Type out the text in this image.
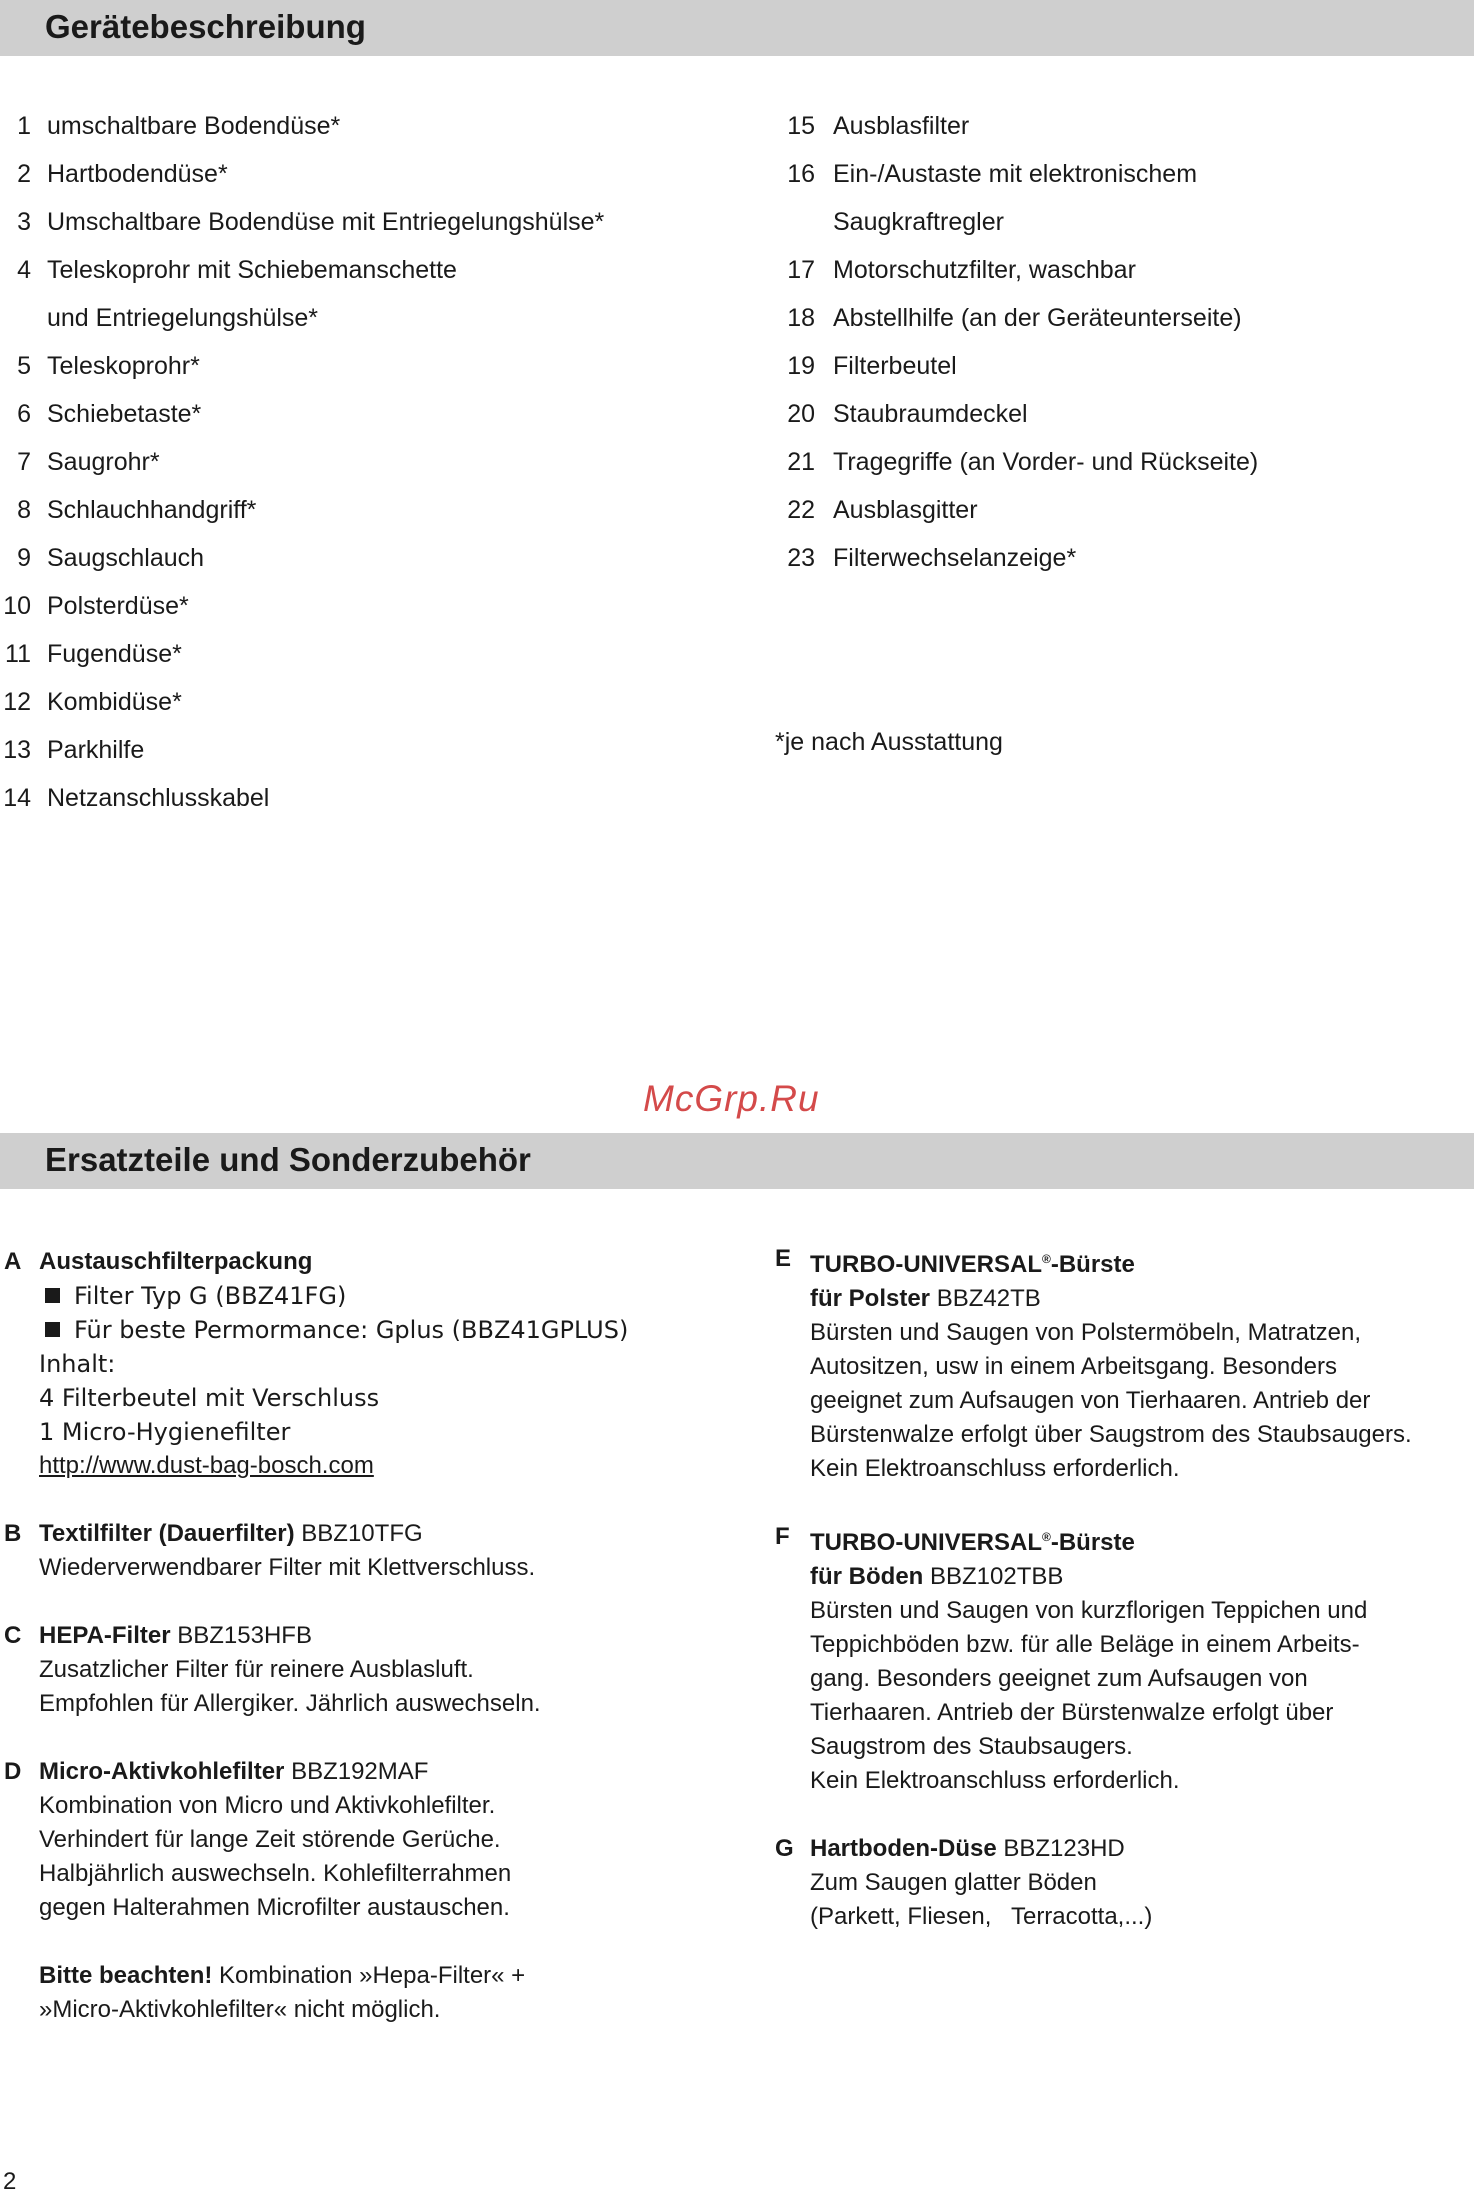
Gerätebeschreibung
1 umschaltbare Bodendüse*
2 Hartbodendüse*
3 Umschaltbare Bodendüse mit Entriegelungshülse*
4 Teleskoprohr mit Schiebemanschette
und Entriegelungshülse*
5 Teleskoprohr*
6 Schiebetaste*
7 Saugrohr*
8 Schlauchhandgriff*
9 Saugschlauch
10 Polsterdüse*
11 Fugendüse*
12 Kombidüse*
13 Parkhilfe
14 Netzanschlusskabel
15 Ausblasfilter
16 Ein-/Austaste mit elektronischem
Saugkraftregler
17 Motorschutzfilter, waschbar
18 Abstellhilfe (an der Geräteunterseite)
19 Filterbeutel
20 Staubraumdeckel
21 Tragegriffe (an Vorder- und Rückseite)
22 Ausblasgitter
23 Filterwechselanzeige*
*je nach Ausstattung
McGrp.Ru
Ersatzteile und Sonderzubehör
A Austauschfilterpackung
Filter Typ G (BBZ41FG)
Für beste Permormance: Gplus (BBZ41GPLUS)
Inhalt:
4 Filterbeutel mit Verschluss
1 Micro-Hygienefilter
http://www.dust-bag-bosch.com
B Textilfilter (Dauerfilter) BBZ10TFG
Wiederverwendbarer Filter mit Klettverschluss.
C HEPA-Filter BBZ153HFB
Zusatzlicher Filter für reinere Ausblasluft.
Empfohlen für Allergiker. Jährlich auswechseln.
D Micro-Aktivkohlefilter BBZ192MAF
Kombination von Micro und Aktivkohlefilter.
Verhindert für lange Zeit störende Gerüche.
Halbjährlich auswechseln. Kohlefilterrahmen
gegen Halterahmen Microfilter austauschen.
Bitte beachten! Kombination »Hepa-Filter« +
»Micro-Aktivkohlefilter« nicht möglich.
E TURBO-UNIVERSAL®-Bürste
für Polster BBZ42TB
Bürsten und Saugen von Polstermöbeln, Matratzen,
Autositzen, usw in einem Arbeitsgang. Besonders
geeignet zum Aufsaugen von Tierhaaren. Antrieb der
Bürstenwalze erfolgt über Saugstrom des Staubsaugers.
Kein Elektroanschluss erforderlich.
F TURBO-UNIVERSAL®-Bürste
für Böden BBZ102TBB
Bürsten und Saugen von kurzflorigen Teppichen und
Teppichböden bzw. für alle Beläge in einem Arbeits-
gang. Besonders geeignet zum Aufsaugen von
Tierhaaren. Antrieb der Bürstenwalze erfolgt über
Saugstrom des Staubsaugers.
Kein Elektroanschluss erforderlich.
G Hartboden-Düse BBZ123HD
Zum Saugen glatter Böden
(Parkett, Fliesen,   Terracotta,...)
2
